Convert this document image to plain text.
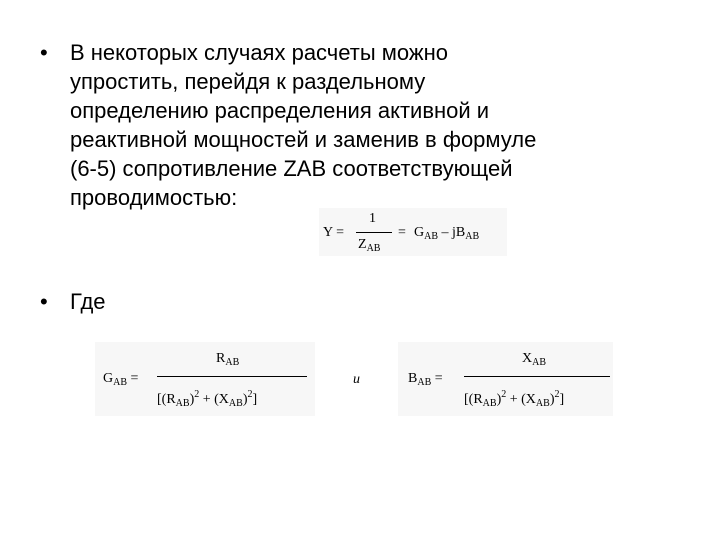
•	В некоторых случаях расчеты можно
упростить, перейдя к раздельному
определению распределения активной и
реактивной мощностей и заменив в формуле
(6-5) сопротивление ZAB соответствующей
проводимостью:
Y =
1
$Z_{AB}$
= $G_{AB} - jB_{AB}$
• Где
$G_{AB}$ =
$R_{AB}$
$[(R_{AB})^2 + (X_{AB})^2]$
и	$B_{AB}$ =
$X_{AB}$
$[(R_{AB})^2 + (X_{AB})^2]$
